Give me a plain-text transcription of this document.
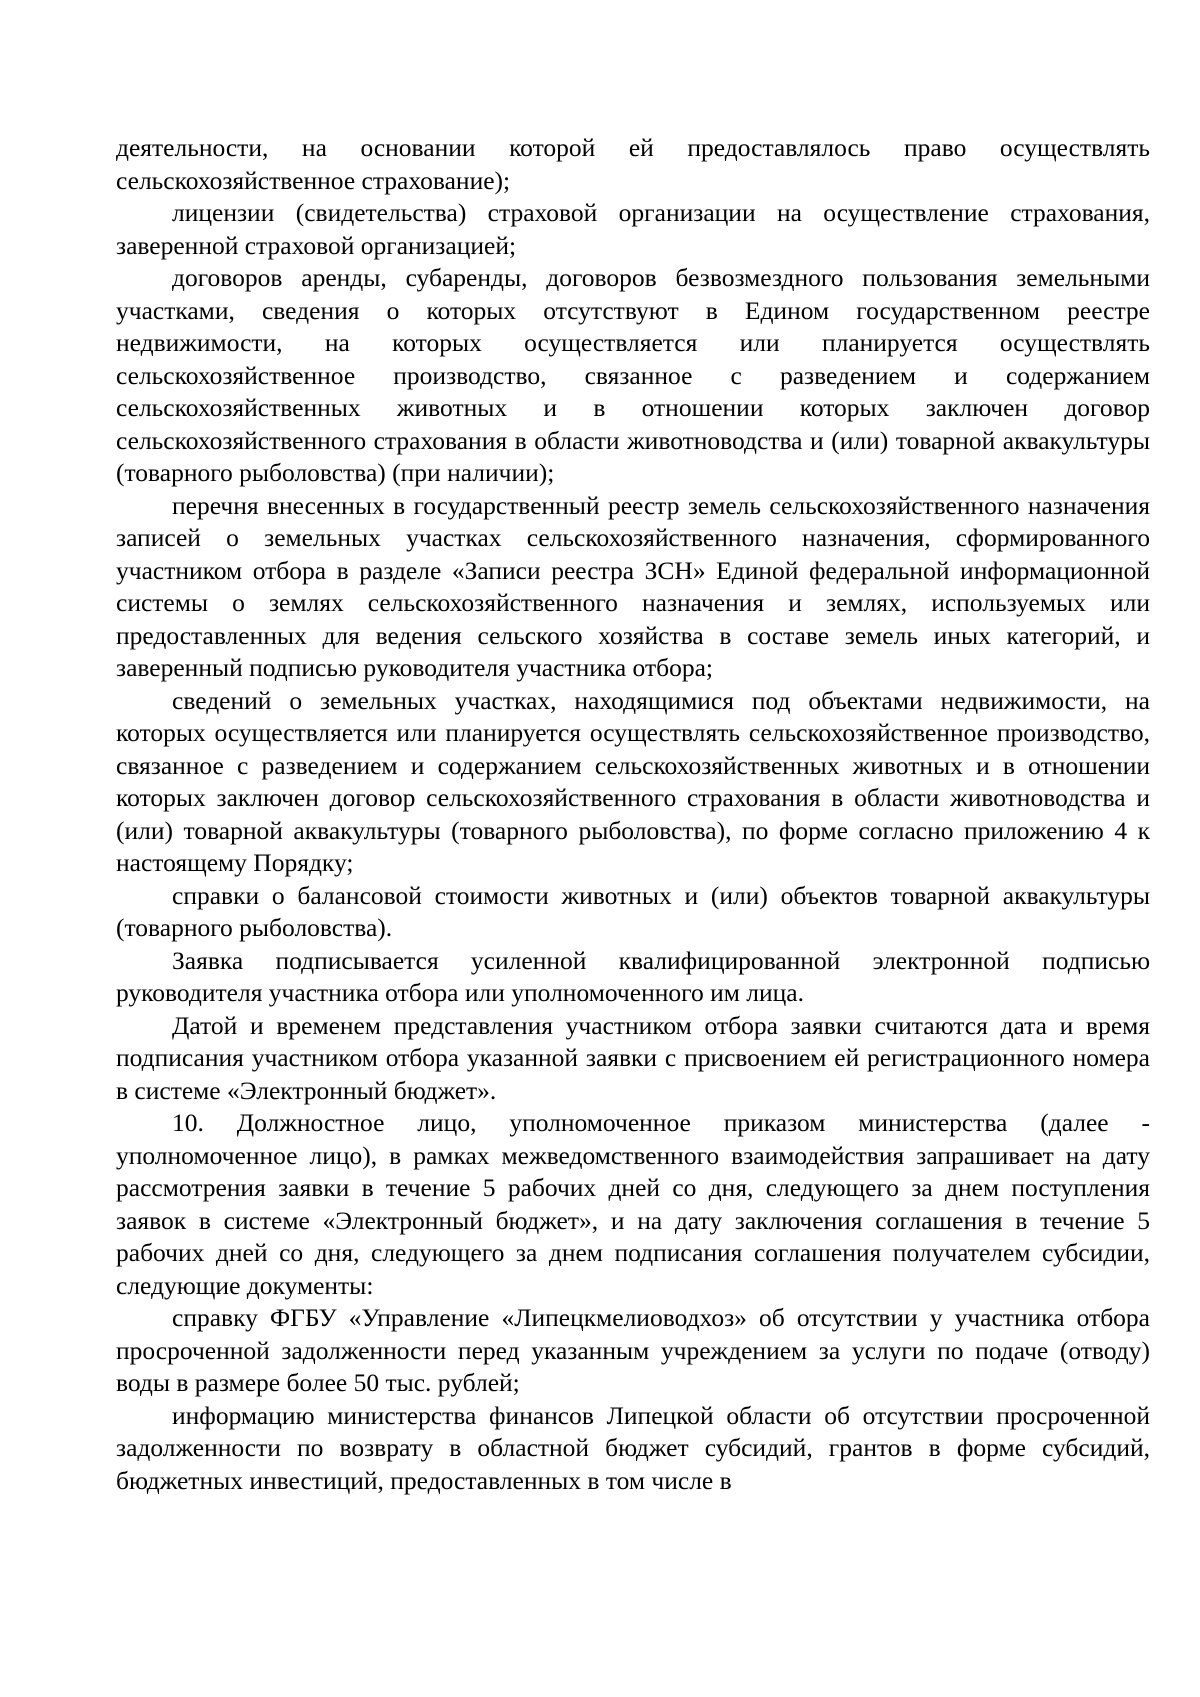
деятельности, на основании которой ей предоставлялось право осуществлять сельскохозяйственное страхование);

лицензии (свидетельства) страховой организации на осуществление страхования, заверенной страховой организацией;

договоров аренды, субаренды, договоров безвозмездного пользования земельными участками, сведения о которых отсутствуют в Едином государственном реестре недвижимости, на которых осуществляется или планируется осуществлять сельскохозяйственное производство, связанное с разведением и содержанием сельскохозяйственных животных и в отношении которых заключен договор сельскохозяйственного страхования в области животноводства и (или) товарной аквакультуры (товарного рыболовства) (при наличии);

перечня внесенных в государственный реестр земель сельскохозяйственного назначения записей о земельных участках сельскохозяйственного назначения, сформированного участником отбора в разделе «Записи реестра ЗСН» Единой федеральной информационной системы о землях сельскохозяйственного назначения и землях, используемых или предоставленных для ведения сельского хозяйства в составе земель иных категорий, и заверенный подписью руководителя участника отбора;

сведений о земельных участках, находящимися под объектами недвижимости, на которых осуществляется или планируется осуществлять сельскохозяйственное производство, связанное с разведением и содержанием сельскохозяйственных животных и в отношении которых заключен договор сельскохозяйственного страхования в области животноводства и (или) товарной аквакультуры (товарного рыболовства), по форме согласно приложению 4 к настоящему Порядку;

справки о балансовой стоимости животных и (или) объектов товарной аквакультуры (товарного рыболовства).

Заявка подписывается усиленной квалифицированной электронной подписью руководителя участника отбора или уполномоченного им лица.

Датой и временем представления участником отбора заявки считаются дата и время подписания участником отбора указанной заявки с присвоением ей регистрационного номера в системе «Электронный бюджет».

10. Должностное лицо, уполномоченное приказом министерства (далее - уполномоченное лицо), в рамках межведомственного взаимодействия запрашивает на дату рассмотрения заявки в течение 5 рабочих дней со дня, следующего за днем поступления заявок в системе «Электронный бюджет», и на дату заключения соглашения в течение 5 рабочих дней со дня, следующего за днем подписания соглашения получателем субсидии, следующие документы:

справку ФГБУ «Управление «Липецкмелиоводхоз» об отсутствии у участника отбора просроченной задолженности перед указанным учреждением за услуги по подаче (отводу) воды в размере более 50 тыс. рублей;

информацию министерства финансов Липецкой области об отсутствии просроченной задолженности по возврату в областной бюджет субсидий, грантов в форме субсидий, бюджетных инвестиций, предоставленных в том числе в
